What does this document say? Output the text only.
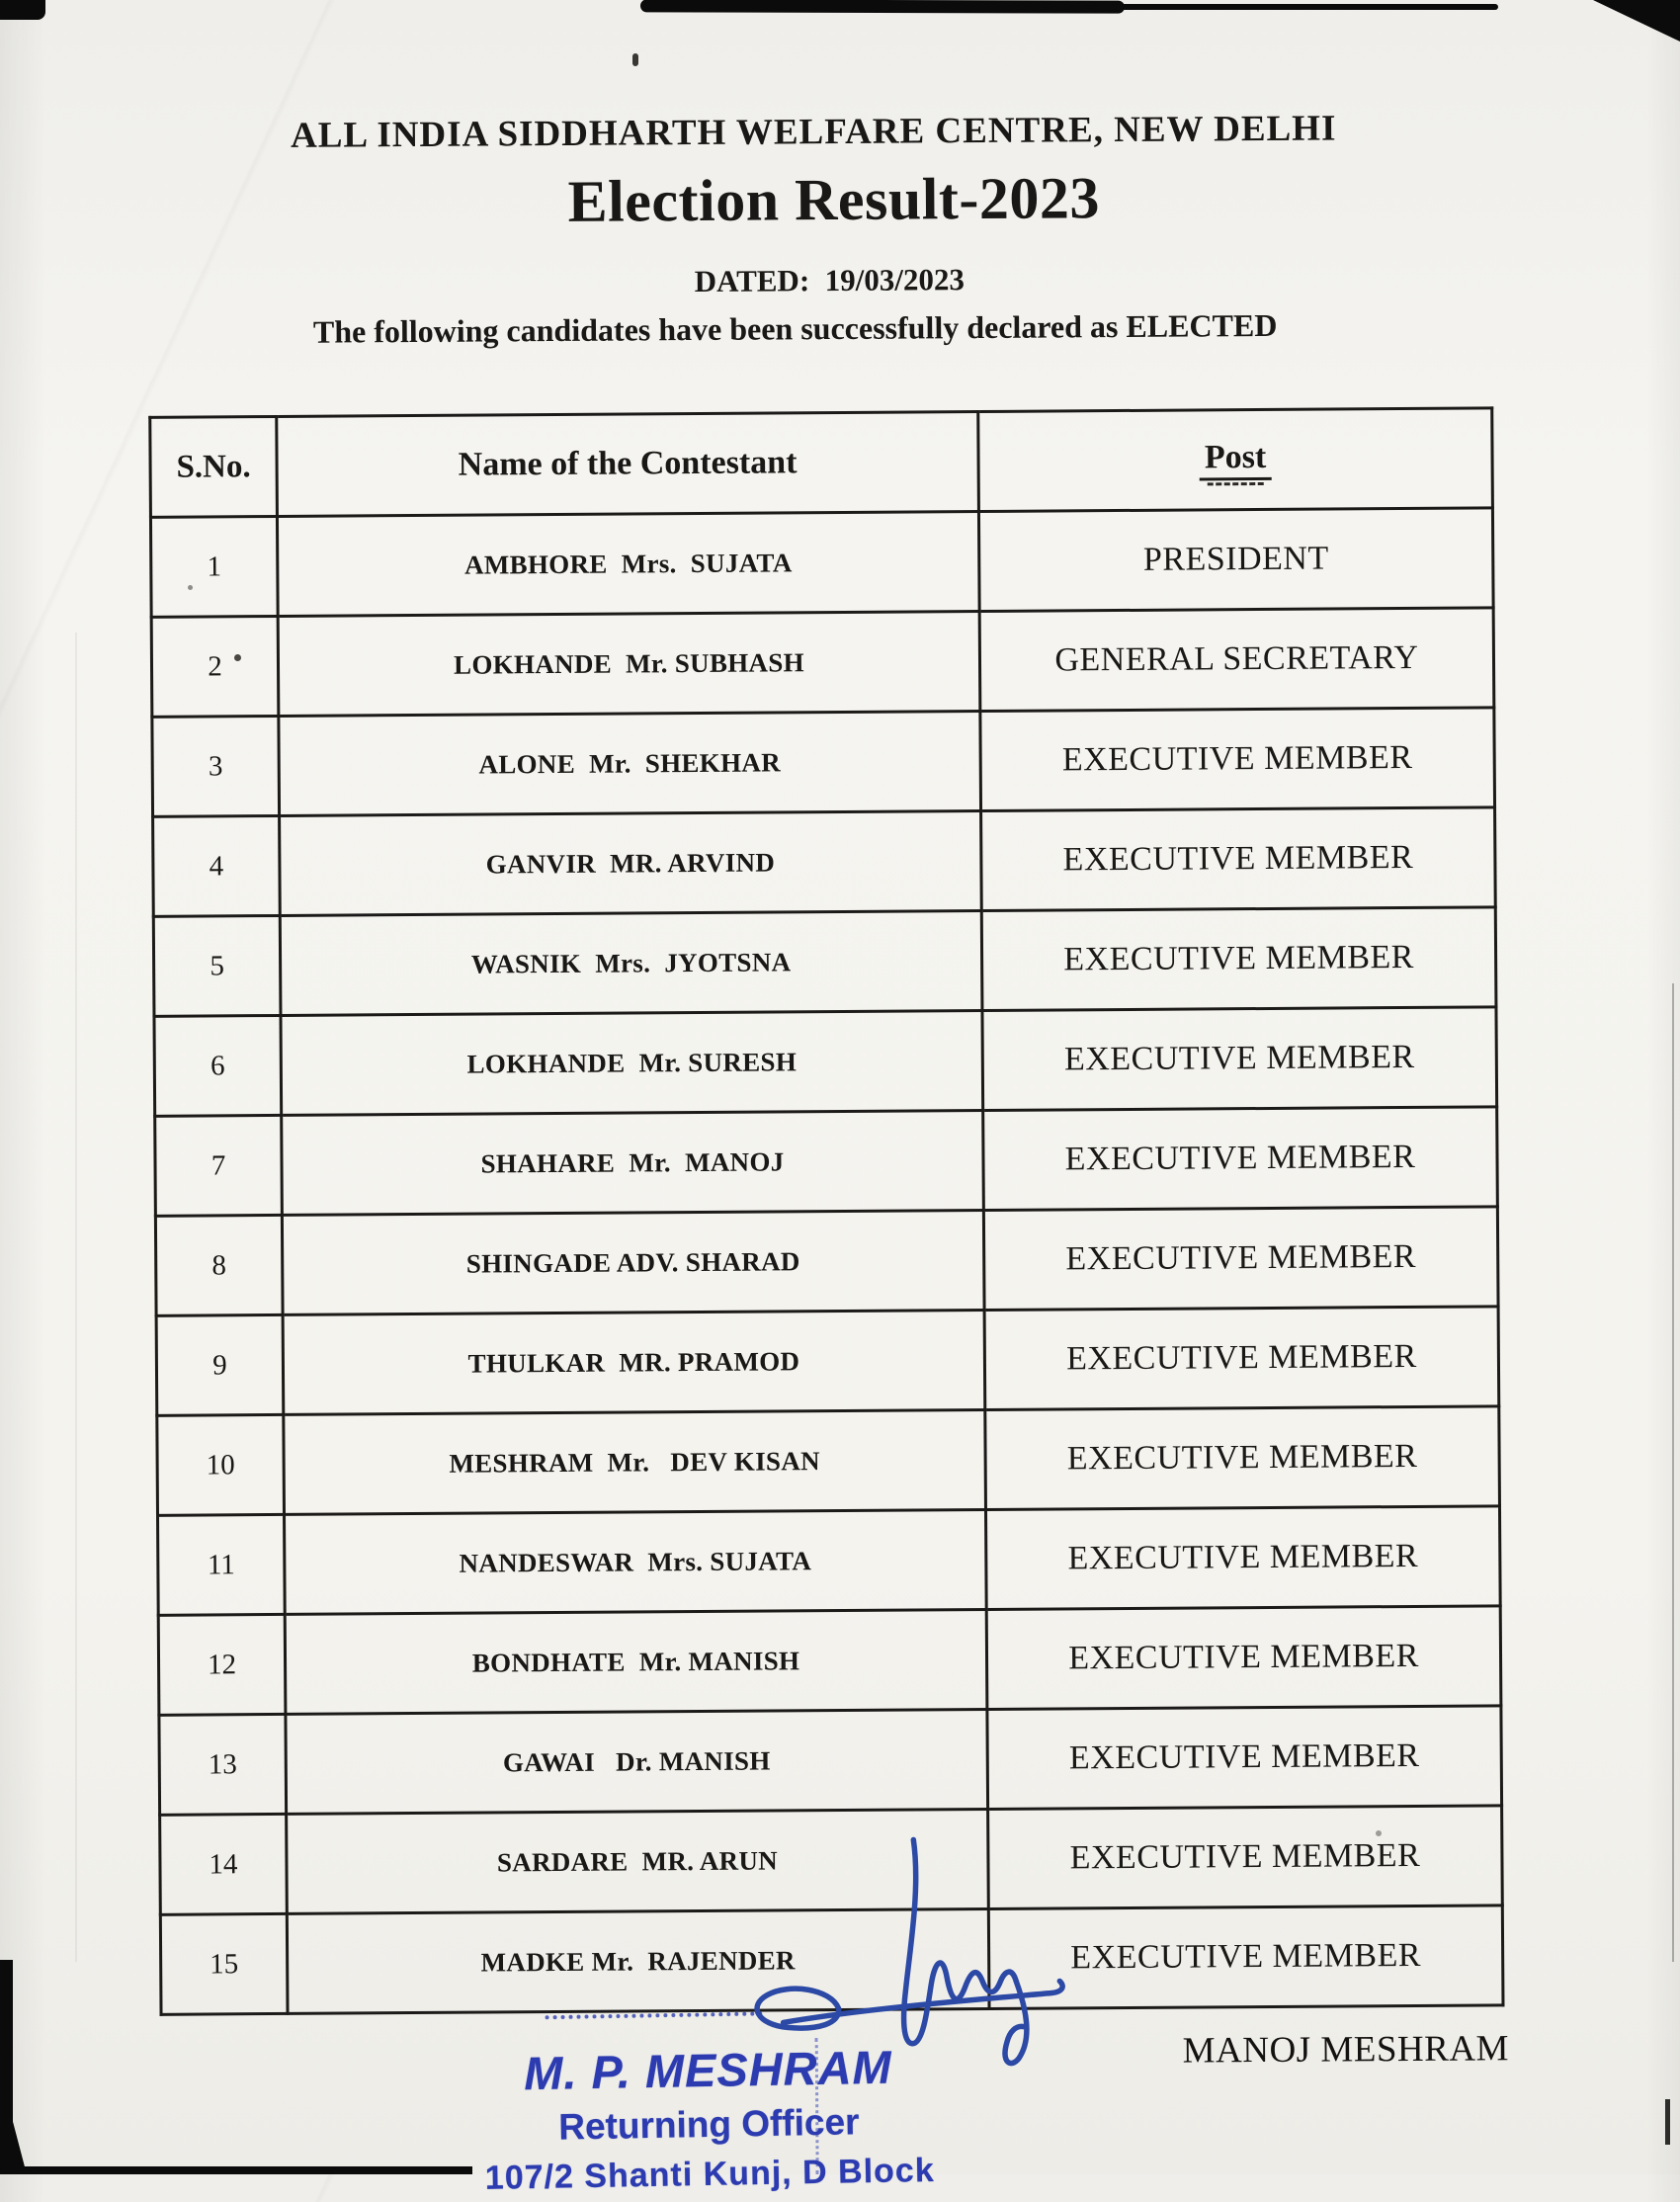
ALL INDIA SIDDHARTH WELFARE CENTRE, NEW DELHI
Election Result-2023
DATED:  19/03/2023
The following candidates have been successfully declared as ELECTED
S.No.	Name of the Contestant	Post
1	AMBHORE  Mrs.  SUJATA	PRESIDENT
2	LOKHANDE  Mr. SUBHASH	GENERAL SECRETARY
3	ALONE  Mr.  SHEKHAR	EXECUTIVE MEMBER
4	GANVIR  MR. ARVIND	EXECUTIVE MEMBER
5	WASNIK  Mrs.  JYOTSNA	EXECUTIVE MEMBER
6	LOKHANDE  Mr. SURESH	EXECUTIVE MEMBER
7	SHAHARE  Mr.  MANOJ	EXECUTIVE MEMBER
8	SHINGADE ADV. SHARAD	EXECUTIVE MEMBER
9	THULKAR  MR. PRAMOD	EXECUTIVE MEMBER
10	MESHRAM  Mr.   DEV KISAN	EXECUTIVE MEMBER
11	NANDESWAR  Mrs. SUJATA	EXECUTIVE MEMBER
12	BONDHATE  Mr. MANISH	EXECUTIVE MEMBER
13	GAWAI   Dr. MANISH	EXECUTIVE MEMBER
14	SARDARE  MR. ARUN	EXECUTIVE MEMBER
15	MADKE Mr.  RAJENDER	EXECUTIVE MEMBER
M. P. MESHRAM
Returning Officer
107/2 Shanti Kunj, D Block
MANOJ MESHRAM
